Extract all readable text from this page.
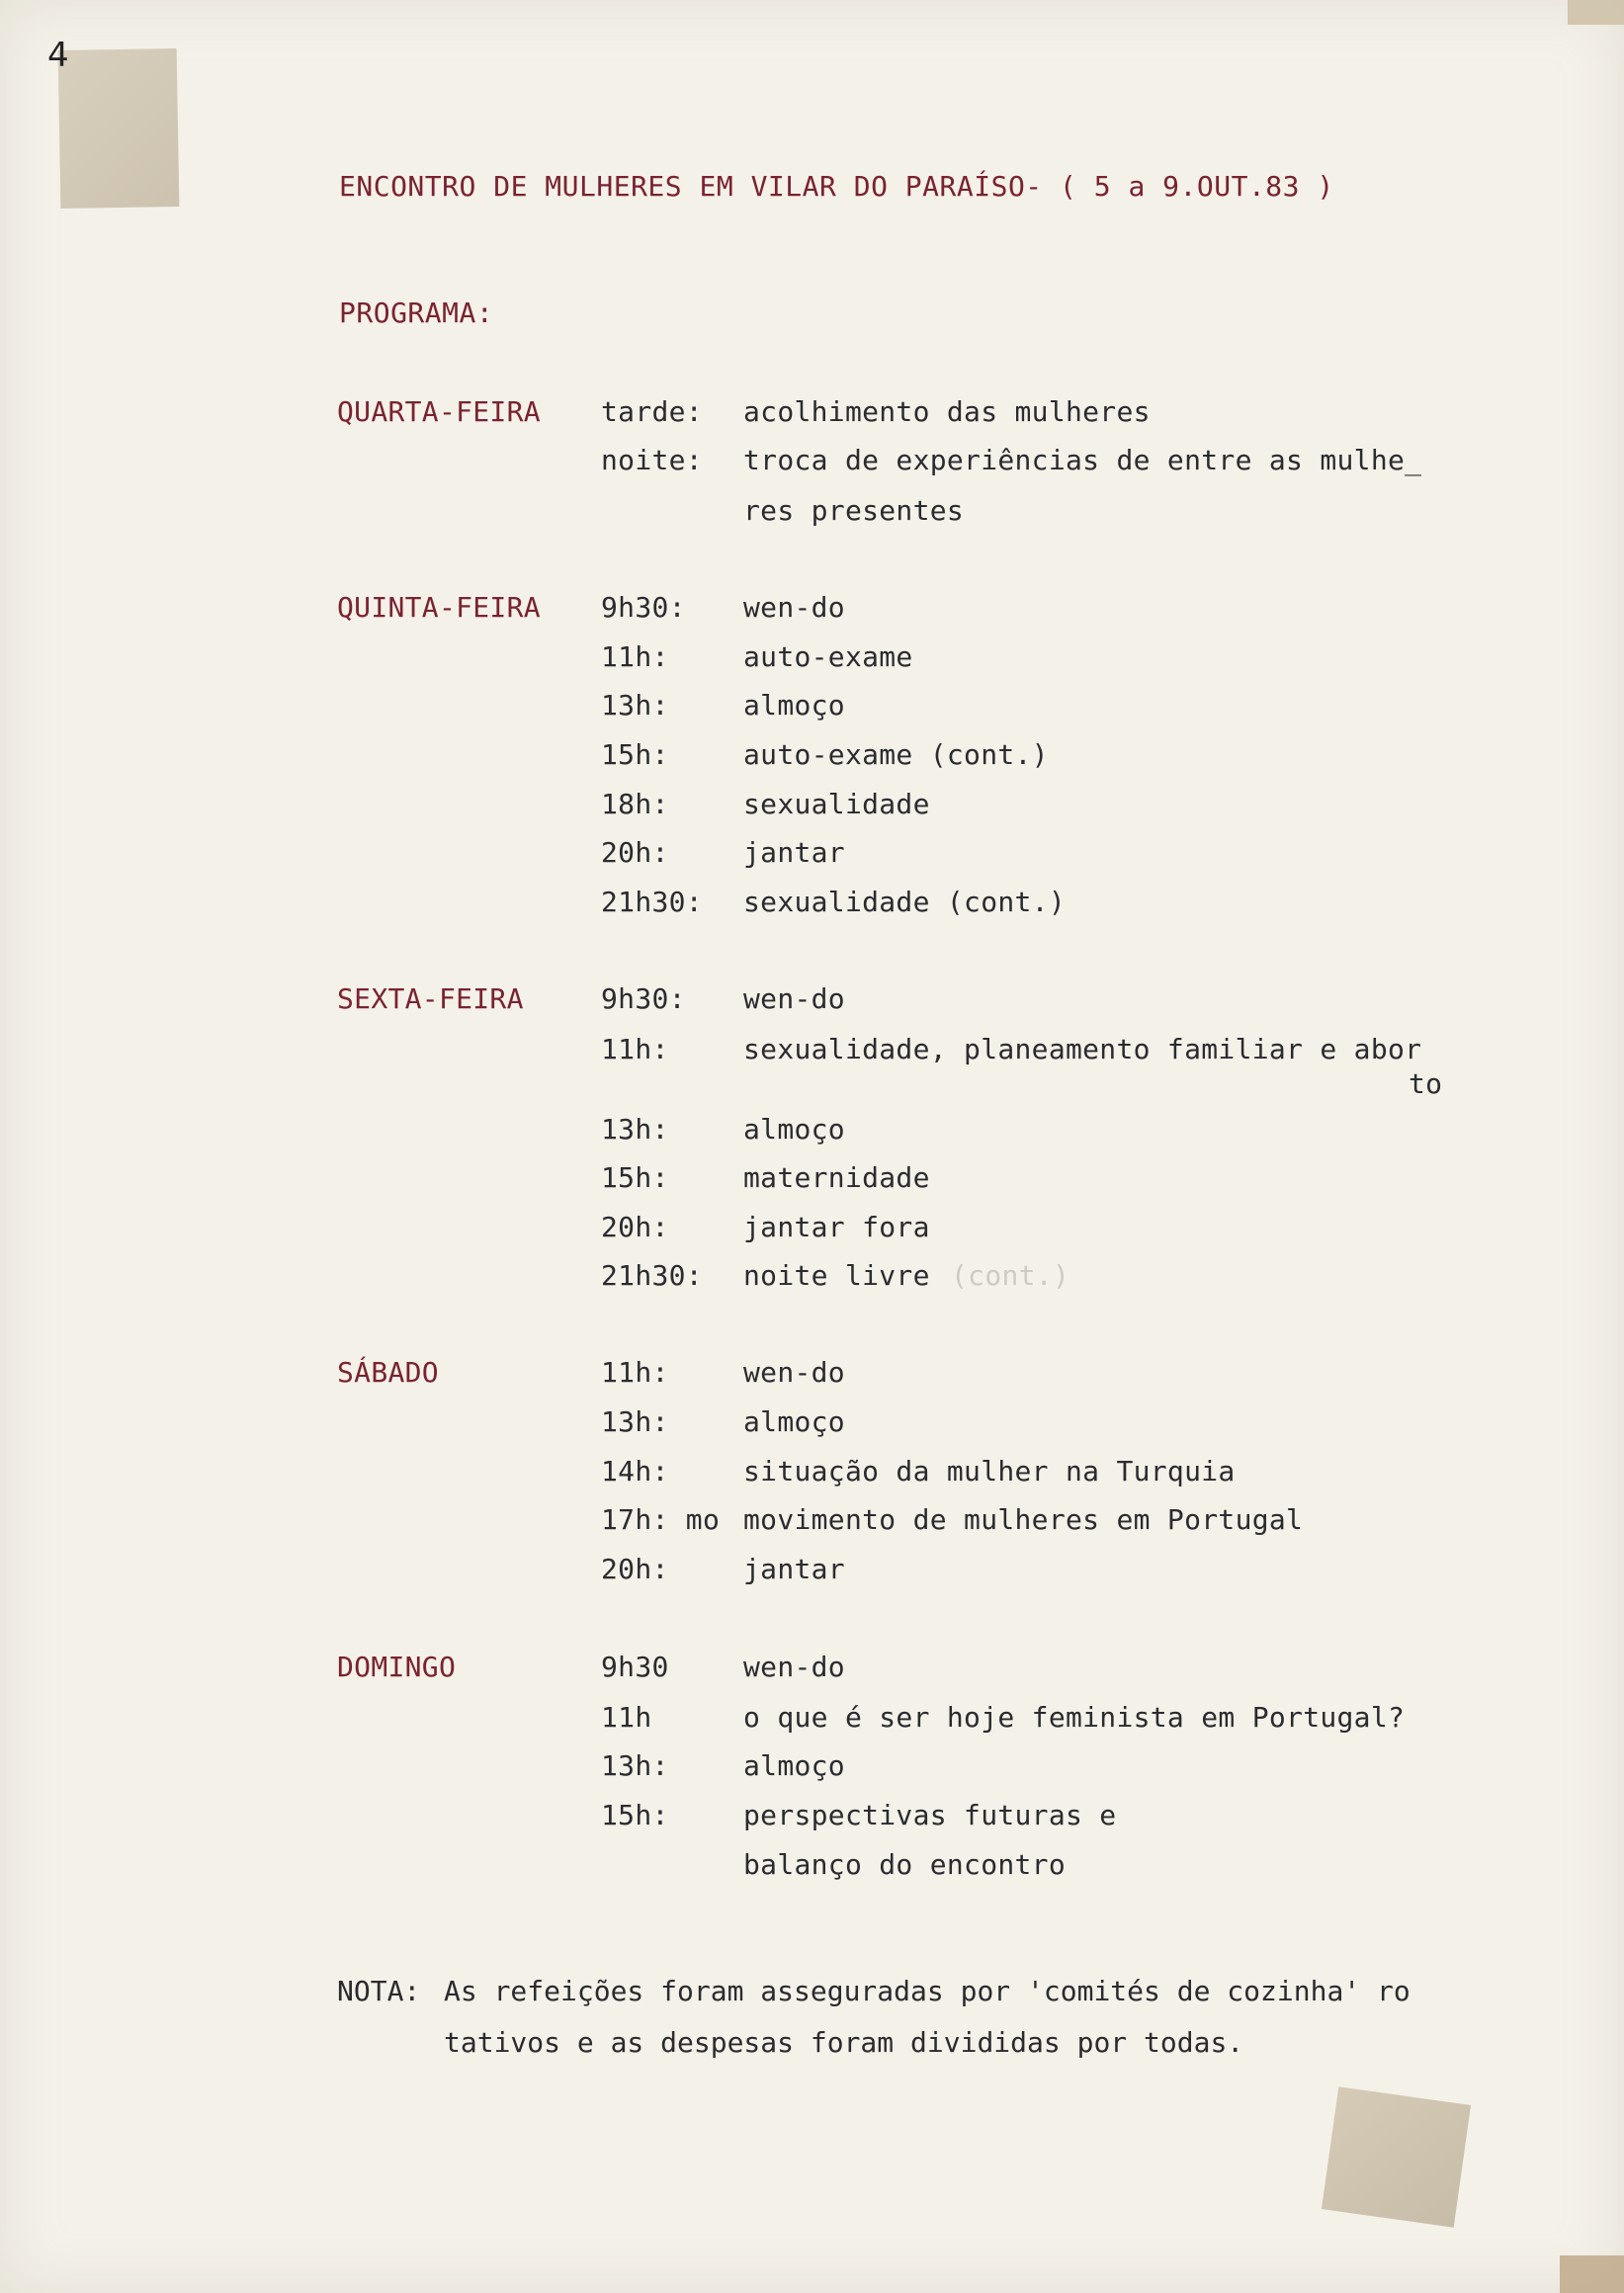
4
ENCONTRO DE MULHERES EM VILAR DO PARAÍSO- ( 5 a 9.OUT.83 )
PROGRAMA:
QUARTA-FEIRA tarde: acolhimento das mulheres
noite: troca de experiências de entre as mulhe_
res presentes
QUINTA-FEIRA 9h30: wen-do
11h:	auto-exame
13h:	almoço
15h:	auto-exame (cont.)
18h:	sexualidade
20h:	jantar
21h30: sexualidade (cont.)
SEXTA-FEIRA	9h30: wen-do
11h:	sexualidade, planeamento familiar e abor
to
13h:	almoço
15h:	maternidade
20h:	jantar fora
21h30: noite livre (cont.)
SÁBADO	11h:	wen-do
13h:	almoço
14h:	situação da mulher na Turquia
17h: mo movimento de mulheres em Portugal
20h:	jantar
DOMINGO	9h30	wen-do
11h	o que é ser hoje feminista em Portugal?
13h:	almoço
15h:	perspectivas futuras e
balanço do encontro
NOTA: As refeições foram asseguradas por 'comités de cozinha' ro
tativos e as despesas foram divididas por todas.
